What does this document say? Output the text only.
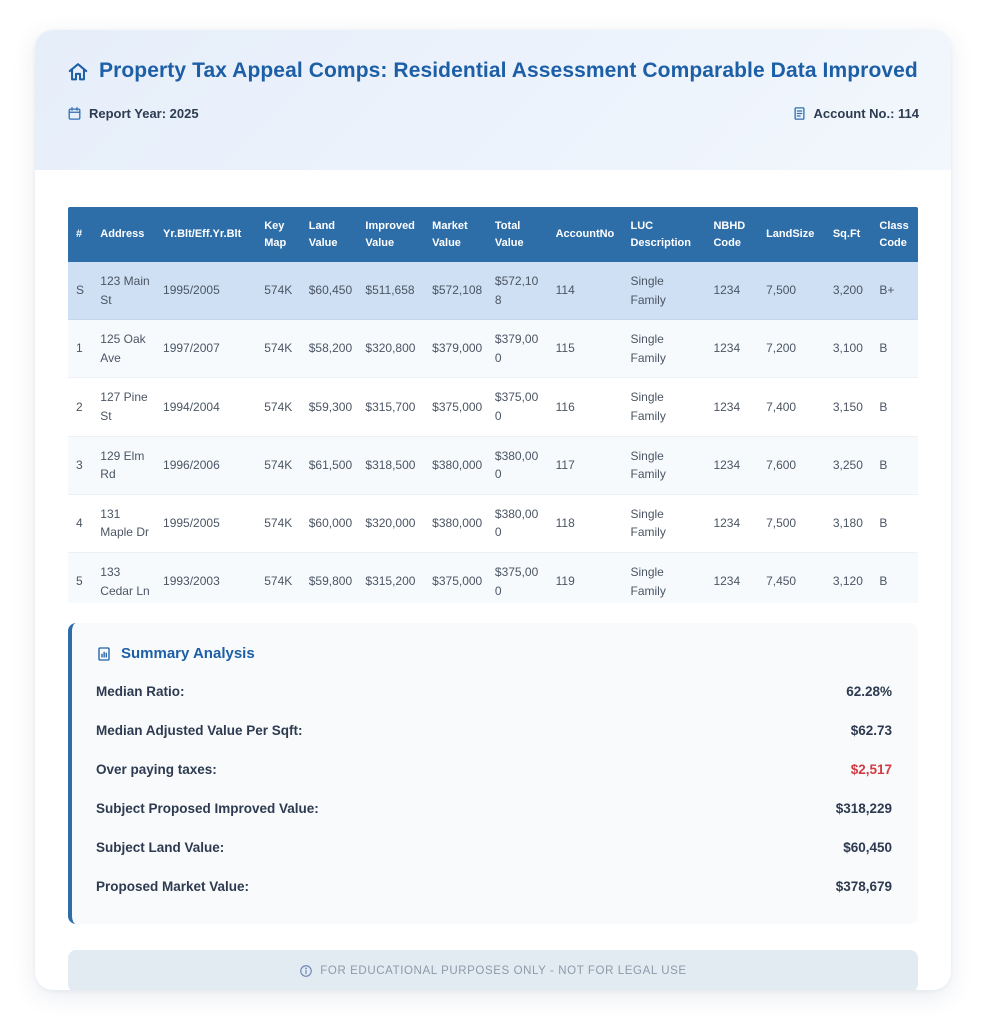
Property Tax Appeal Comps: Residential Assessment Comparable Data Improved
Report Year: 2025	Account No.: 114
#	Address	Yr.Blt/Eff.Yr.Blt	Key Map	Land Value	Improved Value	Market Value	Total Value	AccountNo	LUC Description	NBHD Code	LandSize	Sq.Ft	Class Code
S	123 Main St	1995/2005	574K	$60,450	$511,658	$572,108	$572,108	114	Single Family	1234	7,500	3,200	B+
1	125 Oak Ave	1997/2007	574K	$58,200	$320,800	$379,000	$379,000	115	Single Family	1234	7,200	3,100	B
2	127 Pine St	1994/2004	574K	$59,300	$315,700	$375,000	$375,000	116	Single Family	1234	7,400	3,150	B
3	129 Elm Rd	1996/2006	574K	$61,500	$318,500	$380,000	$380,000	117	Single Family	1234	7,600	3,250	B
4	131 Maple Dr	1995/2005	574K	$60,000	$320,000	$380,000	$380,000	118	Single Family	1234	7,500	3,180	B
5	133 Cedar Ln	1993/2003	574K	$59,800	$315,200	$375,000	$375,000	119	Single Family	1234	7,450	3,120	B
Summary Analysis
Median Ratio:	62.28%
Median Adjusted Value Per Sqft:	$62.73
Over paying taxes:	$2,517
Subject Proposed Improved Value:	$318,229
Subject Land Value:	$60,450
Proposed Market Value:	$378,679
FOR EDUCATIONAL PURPOSES ONLY - NOT FOR LEGAL USE
